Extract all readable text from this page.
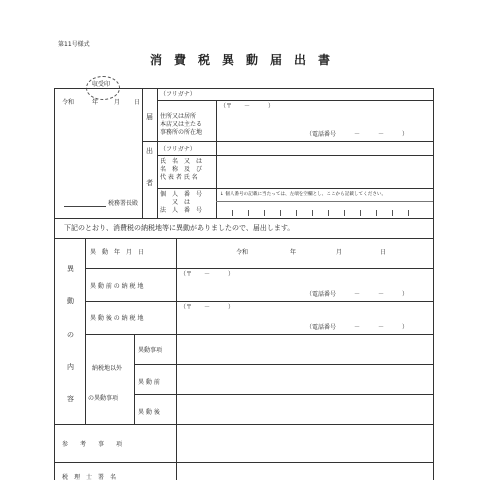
第11号様式
消費税異動届出書
収受印
令和	年	月 日
税務署長殿
届
出
者
（フリガナ）
（〒　　－　　　）
住所又は居所
本店又は主たる
事務所の所在地	（電話番号　　　－　　　－　　　）
（フリガナ）
氏　名　又　は
名　称　及　び
代 表 者 氏 名
個　人　番　号
又　は
法　人　番　号
↓ 個人番号の記載に当たっては、左端を空欄とし、ここから記載してください。
下記のとおり、消費税の納税地等に異動がありましたので、届出します。
異
動
の
内
容
異　動　年　月　日	令和	年	月	日
（〒　　－　　　）
異 動 前 の 納 税 地
（電話番号　　　－　　　－　　　）
（〒　　－　　　）
異 動 後 の 納 税 地
（電話番号　　　－　　　－　　　）
納税地以外
の異動事項
異動事項
異 動 前
異 動 後
参　　考　　事　　項
税　理　士　署　名
